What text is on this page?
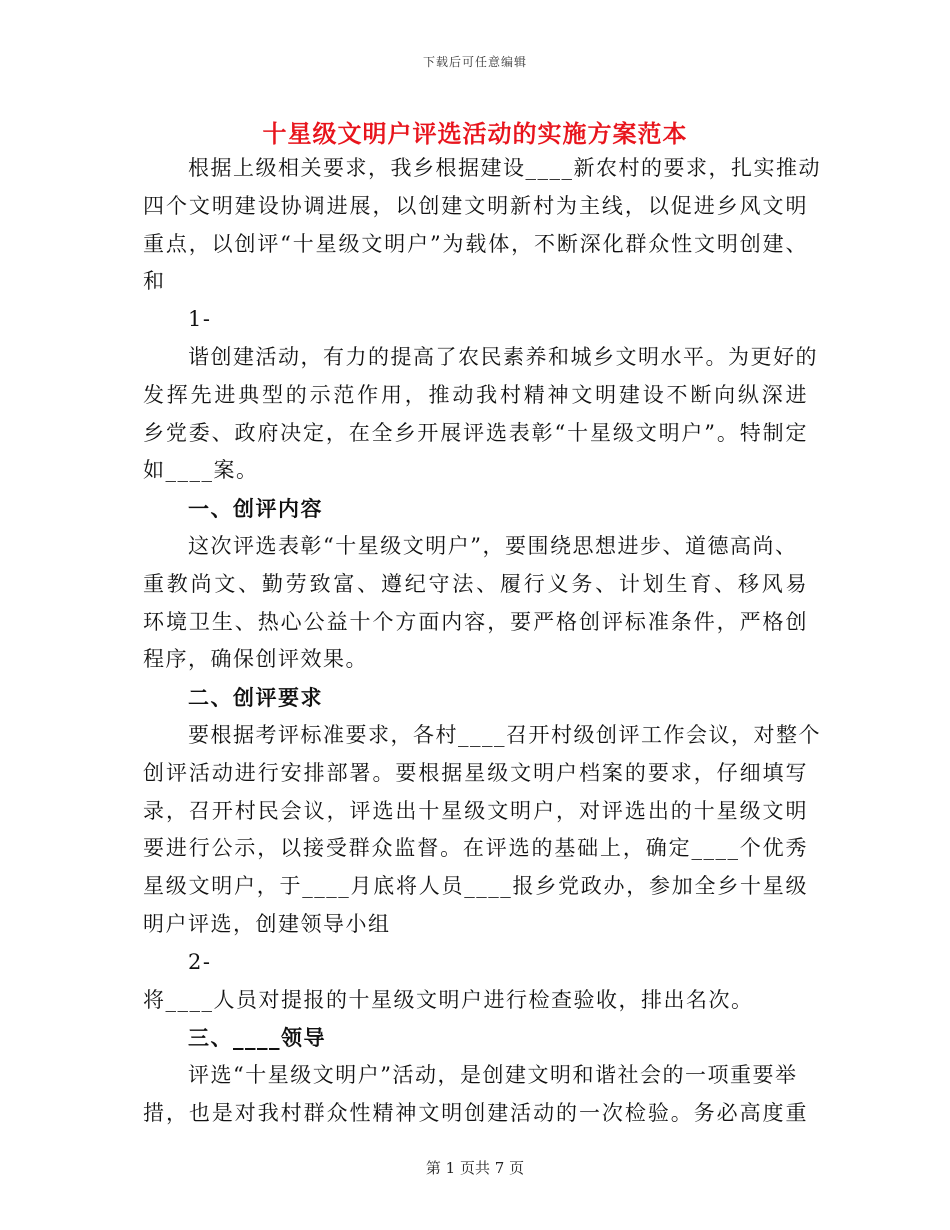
下载后可任意编辑
十星级文明户评选活动的实施方案范本
根据上级相关要求，我乡根据建设____新农村的要求，扎实推动
四个文明建设协调进展，以创建文明新村为主线，以促进乡风文明
重点，以创评“十星级文明户”为载体，不断深化群众性文明创建、
和
1-
谐创建活动，有力的提高了农民素养和城乡文明水平。为更好的
发挥先进典型的示范作用，推动我村精神文明建设不断向纵深进
乡党委、政府决定，在全乡开展评选表彰“十星级文明户”。特制定
如____案。
一、创评内容
这次评选表彰“十星级文明户”，要围绕思想进步、道德高尚、
重教尚文、勤劳致富、遵纪守法、履行义务、计划生育、移风易
环境卫生、热心公益十个方面内容，要严格创评标准条件，严格创
程序，确保创评效果。
二、创评要求
要根据考评标准要求，各村____召开村级创评工作会议，对整个
创评活动进行安排部署。要根据星级文明户档案的要求，仔细填写
录，召开村民会议，评选出十星级文明户，对评选出的十星级文明
要进行公示，以接受群众监督。在评选的基础上，确定____个优秀
星级文明户，于____月底将人员____报乡党政办，参加全乡十星级
明户评选，创建领导小组
2-
将____人员对提报的十星级文明户进行检查验收，排出名次。
三、____领导
评选“十星级文明户”活动，是创建文明和谐社会的一项重要举
措，也是对我村群众性精神文明创建活动的一次检验。务必高度重
第 1 页共 7 页
